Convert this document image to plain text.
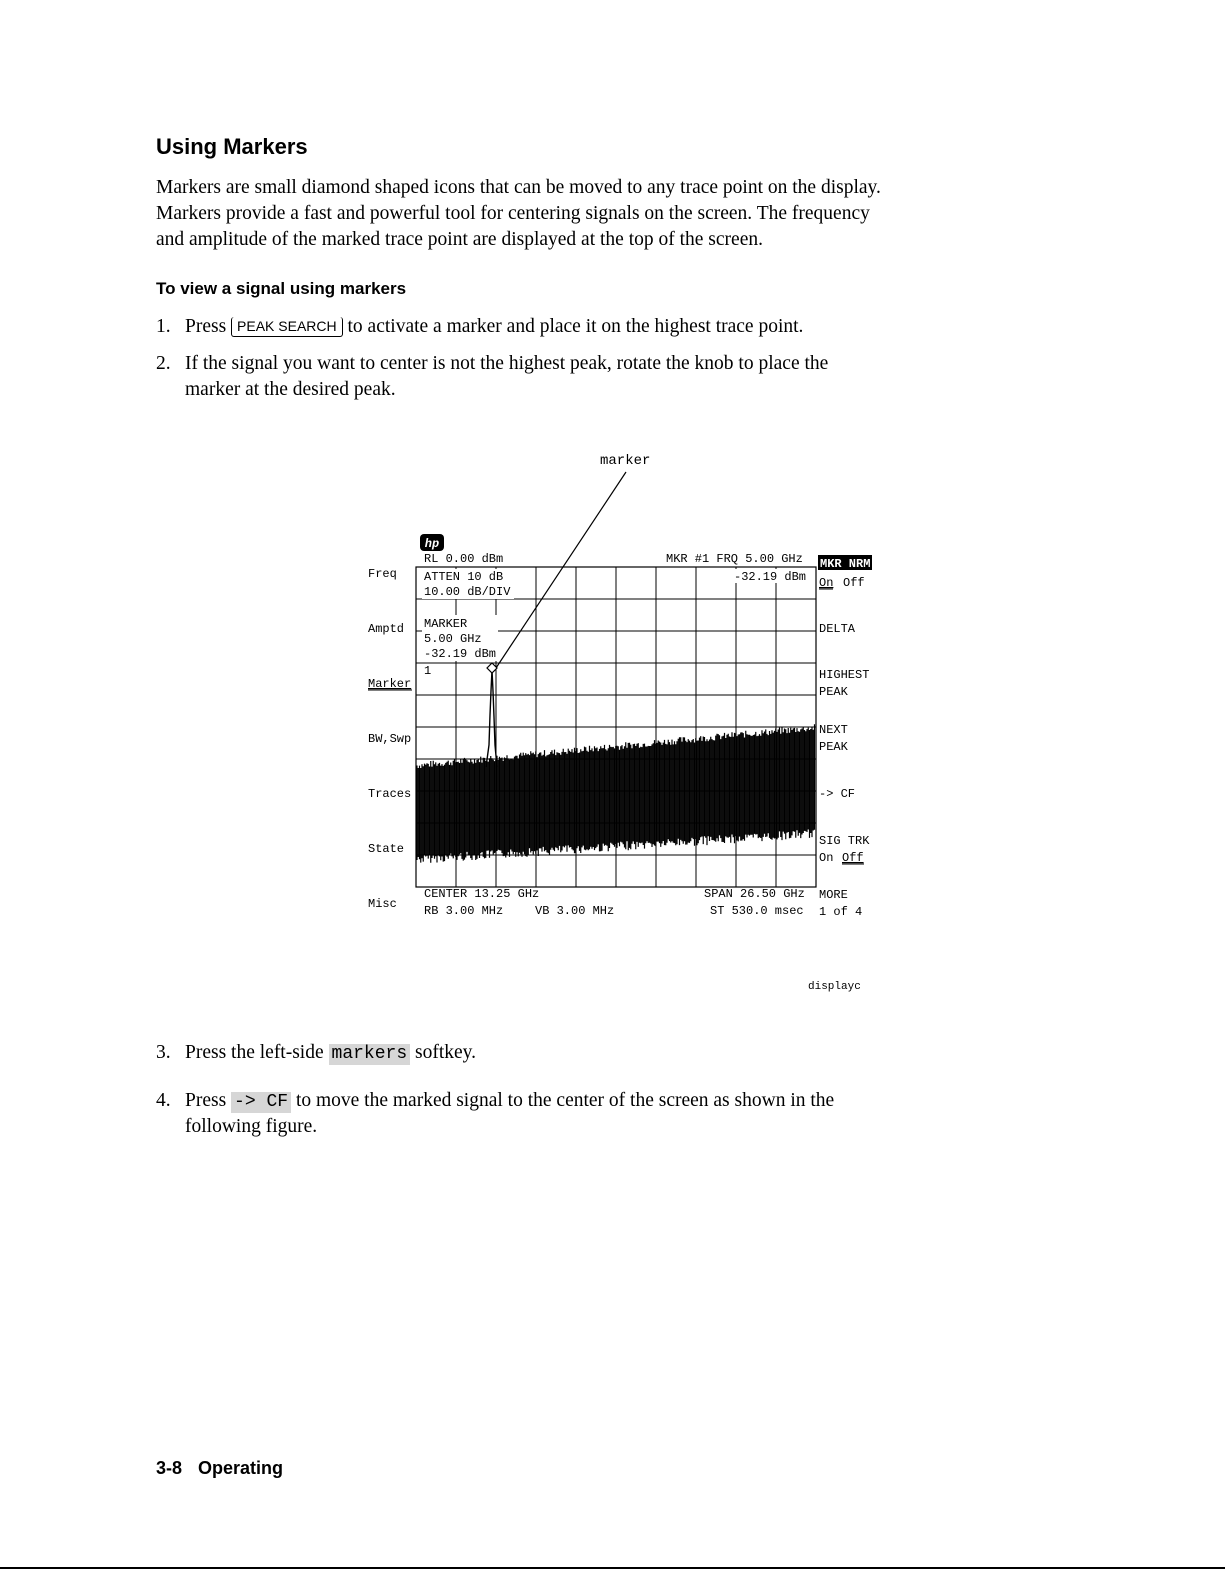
Using Markers
Markers are small diamond shaped icons that can be moved to any trace point on the display.
Markers provide a fast and powerful tool for centering signals on the screen. The frequency
and amplitude of the marked trace point are displayed at the top of the screen.
To view a signal using markers
1. Press PEAK SEARCH to activate a marker and place it on the highest trace point.
2. If the signal you want to center is not the highest peak, rotate the knob to place the
marker at the desired peak.
marker
hp
RL 0.00 dBm	MKR #1 FRQ 5.00 GHz
ATTEN 10 dB
10.00 dB/DIV
-32.19 dBm
MARKER
5.00 GHz
-32.19 dBm
1
CENTER 13.25 GHz	SPAN 26.50 GHz
RB 3.00 MHz	VB 3.00 MHz	ST 530.0 msec
Freq
Amptd
Marker
BW,Swp
Traces
State
Misc
MKR NRM
On Off
DELTA
HIGHEST
PEAK
NEXT
PEAK
-> CF
SIG TRK
On Off
MORE
1 of 4
displayc
3. Press the left-side markers softkey.
4. Press -> CF to move the marked signal to the center of the screen as shown in the
following figure.
3-8 Operating
